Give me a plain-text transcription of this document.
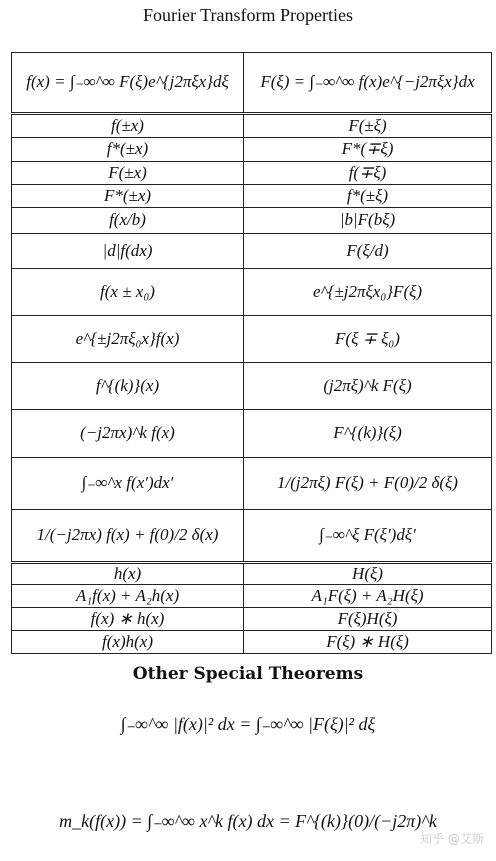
Fourier Transform Properties
f(x) = ∫₋∞^∞ F(ξ)e^{j2πξx}dξ	F(ξ) = ∫₋∞^∞ f(x)e^{−j2πξx}dx
f(±x)	F(±ξ)
f*(±x)	F*(∓ξ)
F(±x)	f(∓ξ)
F*(±x)	f*(±ξ)
f(x/b)	|b|F(bξ)
|d|f(dx)	F(ξ/d)
f(x ± x₀)	e^{±j2πξx₀}F(ξ)
e^{±j2πξ₀x}f(x)	F(ξ ∓ ξ₀)
f^{(k)}(x)	(j2πξ)^k F(ξ)
(−j2πx)^k f(x)	F^{(k)}(ξ)
∫₋∞^x f(x′)dx′	1/(j2πξ) F(ξ) + F(0)/2 δ(ξ)
1/(−j2πx) f(x) + f(0)/2 δ(x)	∫₋∞^ξ F(ξ′)dξ′
h(x)	H(ξ)
A₁f(x) + A₂h(x)	A₁F(ξ) + A₂H(ξ)
f(x) ∗ h(x)	F(ξ)H(ξ)
f(x)h(x)	F(ξ) ∗ H(ξ)
Other Special Theorems
∫₋∞^∞ |f(x)|² dx = ∫₋∞^∞ |F(ξ)|² dξ
m_k(f(x)) = ∫₋∞^∞ x^k f(x) dx = F^{(k)}(0)/(−j2π)^k
知乎 @艾斯
